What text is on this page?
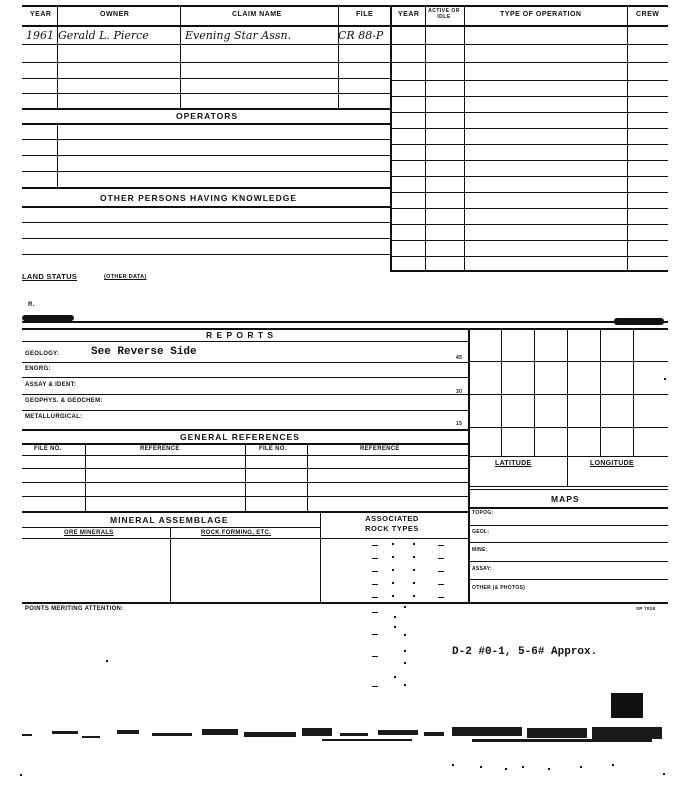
YEAR	OWNER	CLAIM NAME	FILE	YEAR ACTIVE OR IDLE	TYPE OF OPERATION	CREW
1961 Gerald L. Pierce	Evening Star Assn.	CR 88-P
OPERATORS
OTHER PERSONS HAVING KNOWLEDGE
LAND STATUS	(OTHER DATA)
R.
R E P O R T S
GEOLOGY:	See Reverse Side	45
ENGRG:
ASSAY & IDENT:
30
GEOPHYS. & GEOCHEM:
METALLURGICAL:
15
GENERAL REFERENCES
FILE NO.	REFERENCE	FILE NO.	REFERENCE
LATITUDE	LONGITUDE
MAPS
TOPOG:
GEOL:
MINE:
ASSAY:
OTHER (& PHOTOS)
MINERAL ASSEMBLAGE	ASSOCIATED ROCK TYPES
ORE MINERALS	ROCK FORMING, ETC.
POINTS MERITING ATTENTION:	SP 7018
D-2 #0-1, 5-6# Approx.
